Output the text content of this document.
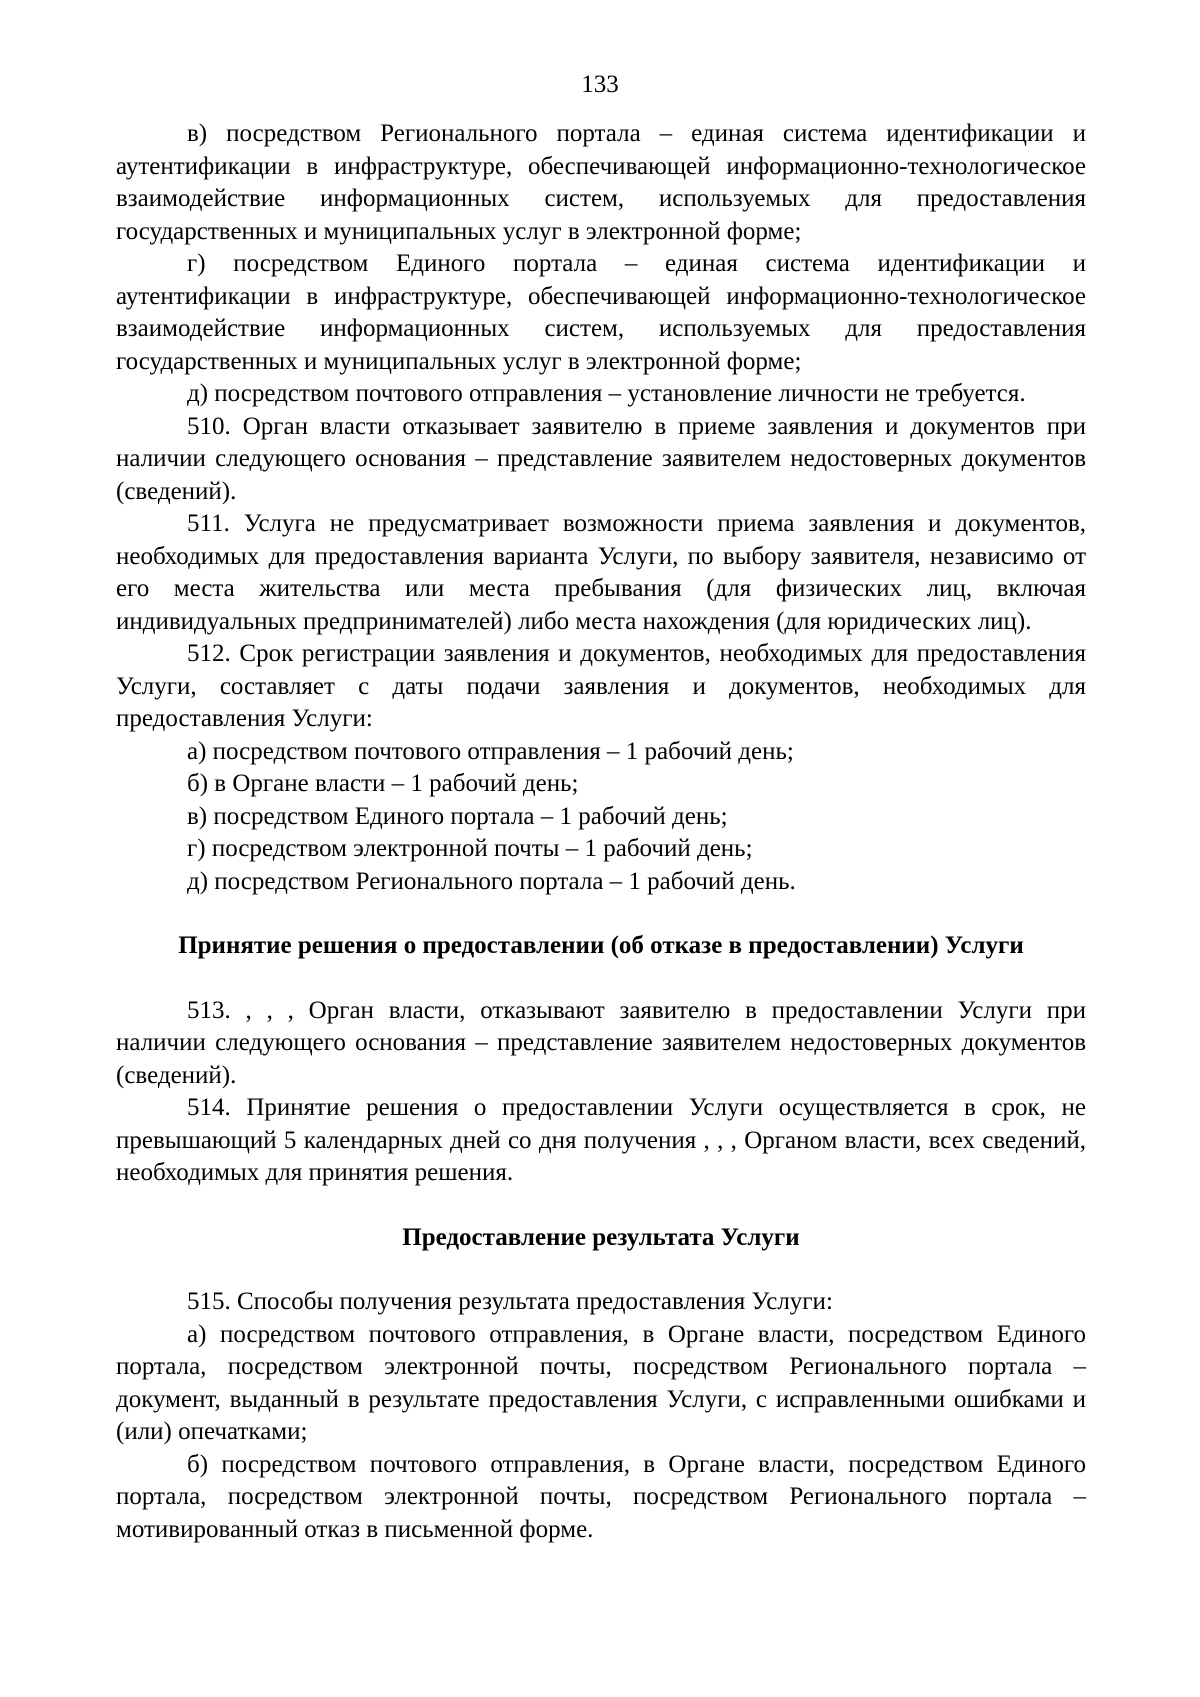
133

в) посредством Регионального портала – единая система идентификации и аутентификации в инфраструктуре, обеспечивающей информационно-технологическое взаимодействие информационных систем, используемых для предоставления государственных и муниципальных услуг в электронной форме;

г) посредством Единого портала – единая система идентификации и аутентификации в инфраструктуре, обеспечивающей информационно-технологическое взаимодействие информационных систем, используемых для предоставления государственных и муниципальных услуг в электронной форме;

д) посредством почтового отправления – установление личности не требуется.

510. Орган власти отказывает заявителю в приеме заявления и документов при наличии следующего основания – представление заявителем недостоверных документов (сведений).

511. Услуга не предусматривает возможности приема заявления и документов, необходимых для предоставления варианта Услуги, по выбору заявителя, независимо от его места жительства или места пребывания (для физических лиц, включая индивидуальных предпринимателей) либо места нахождения (для юридических лиц).

512. Срок регистрации заявления и документов, необходимых для предоставления Услуги, составляет с даты подачи заявления и документов, необходимых для предоставления Услуги:

а) посредством почтового отправления – 1 рабочий день;

б) в Органе власти – 1 рабочий день;

в) посредством Единого портала – 1 рабочий день;

г) посредством электронной почты – 1 рабочий день;

д) посредством Регионального портала – 1 рабочий день.

Принятие решения о предоставлении (об отказе в предоставлении) Услуги

513. , , , Орган власти, отказывают заявителю в предоставлении Услуги при наличии следующего основания – представление заявителем недостоверных документов (сведений).

514. Принятие решения о предоставлении Услуги осуществляется в срок, не превышающий 5 календарных дней со дня получения , , , Органом власти, всех сведений, необходимых для принятия решения.

Предоставление результата Услуги

515. Способы получения результата предоставления Услуги:

а) посредством почтового отправления, в Органе власти, посредством Единого портала, посредством электронной почты, посредством Регионального портала – документ, выданный в результате предоставления Услуги, с исправленными ошибками и (или) опечатками;

б) посредством почтового отправления, в Органе власти, посредством Единого портала, посредством электронной почты, посредством Регионального портала – мотивированный отказ в письменной форме.
